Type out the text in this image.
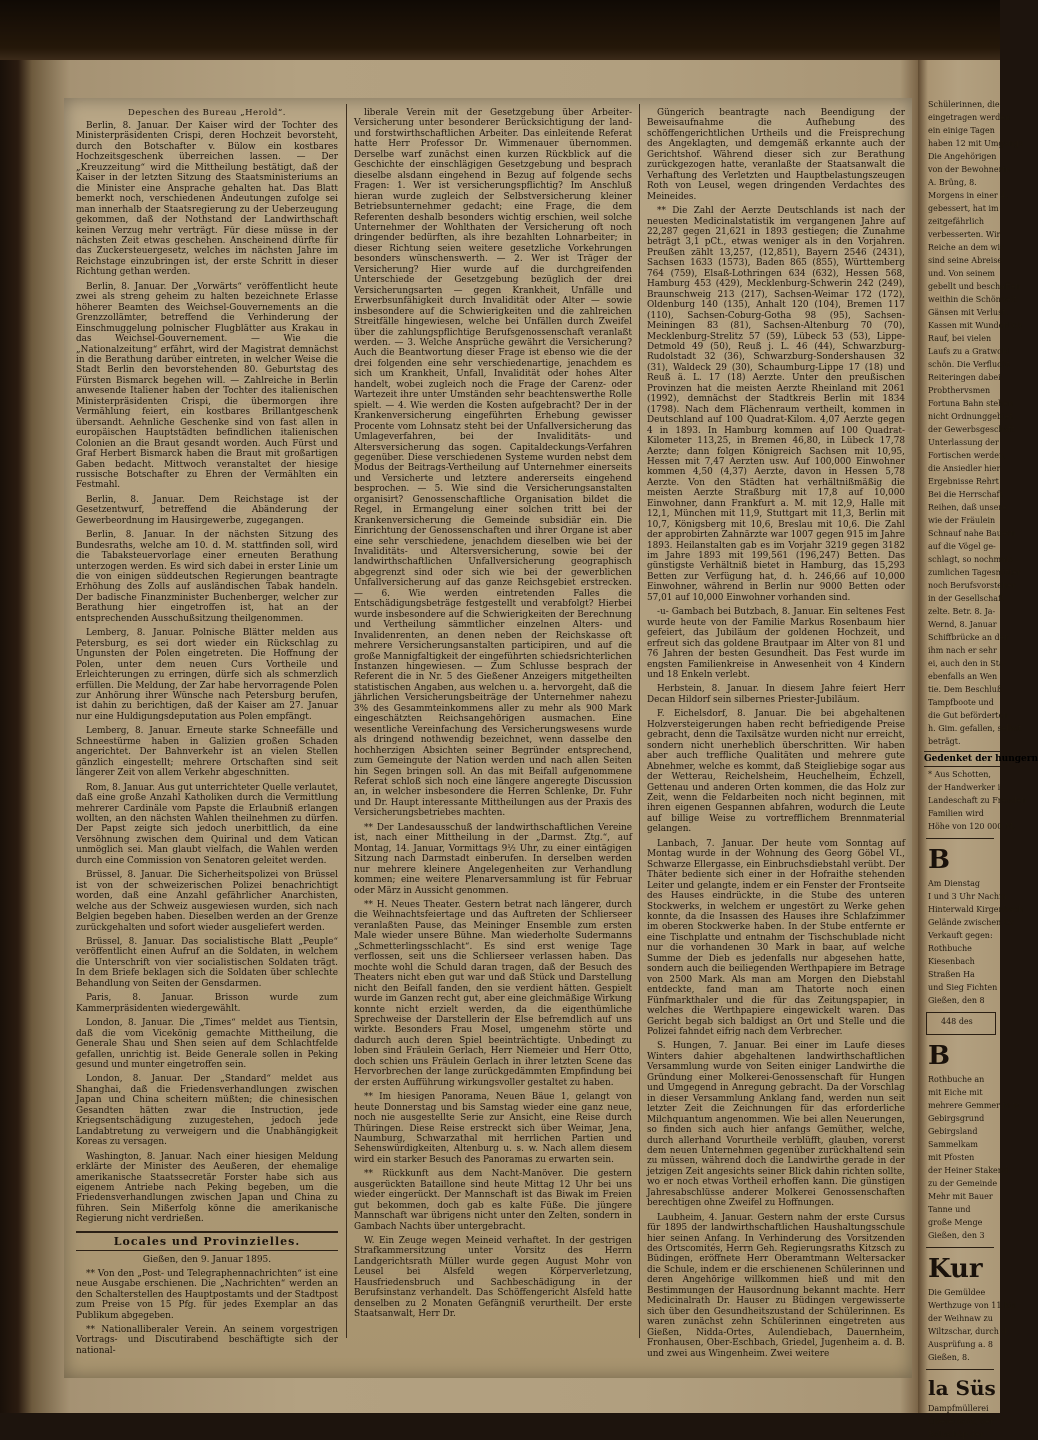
Depeschen des Bureau „Herold“.

Berlin, 8. Januar. Der Kaiser wird der Tochter des Ministerpräsidenten Crispi, deren Hochzeit bevorsteht, durch den Botschafter v. Bülow ein kostbares Hochzeitsgeschenk überreichen lassen. — Der „Kreuzzeitung“ wird die Mittheilung bestätigt, daß der Kaiser in der letzten Sitzung des Staatsministeriums an die Minister eine Ansprache gehalten hat. Das Blatt bemerkt noch, verschiedenen Andeutungen zufolge sei man innerhalb der Staatsregierung zu der Ueberzeugung gekommen, daß der Nothstand der Landwirthschaft keinen Verzug mehr verträgt. Für diese müsse in der nächsten Zeit etwas geschehen. Anscheinend dürfte für das Zuckersteuergesetz, welches im nächsten Jahre im Reichstage einzubringen ist, der erste Schritt in dieser Richtung gethan werden.

Berlin, 8. Januar. Der „Vorwärts“ veröffentlicht heute zwei als streng geheim zu halten bezeichnete Erlasse höherer Beamten des Weichsel-Gouvernements an die Grenzzollämter, betreffend die Verhinderung der Einschmuggelung polnischer Flugblätter aus Krakau in das Weichsel-Gouvernement. — Wie die „Nationalzeitung“ erfährt, wird der Magistrat demnächst in die Berathung darüber eintreten, in welcher Weise die Stadt Berlin den bevorstehenden 80. Geburtstag des Fürsten Bismarck begehen will. — Zahlreiche in Berlin anwesende Italiener haben der Tochter des italienischen Ministerpräsidenten Crispi, die übermorgen ihre Vermählung feiert, ein kostbares Brillantgeschenk übersandt. Aehnliche Geschenke sind von fast allen in europäischen Hauptstädten befindlichen italienischen Colonien an die Braut gesandt worden. Auch Fürst und Graf Herbert Bismarck haben die Braut mit großartigen Gaben bedacht. Mittwoch veranstaltet der hiesige russische Botschafter zu Ehren der Vermählten ein Festmahl.

Berlin, 8. Januar. Dem Reichstage ist der Gesetzentwurf, betreffend die Abänderung der Gewerbeordnung im Hausirgewerbe, zugegangen.

Berlin, 8. Januar. In der nächsten Sitzung des Bundesraths, welche am 10. d. M. stattfinden soll, wird die Tabaksteuervorlage einer erneuten Berathung unterzogen werden. Es wird sich dabei in erster Linie um die von einigen süddeutschen Regierungen beantragte Erhöhung des Zolls auf ausländischen Tabak handeln. Der badische Finanzminister Buchenberger, welcher zur Berathung hier eingetroffen ist, hat an der entsprechenden Ausschußsitzung theilgenommen.

Lemberg, 8. Januar. Polnische Blätter melden aus Petersburg, es sei dort wieder ein Rückschlag zu Ungunsten der Polen eingetreten. Die Hoffnung der Polen, unter dem neuen Curs Vortheile und Erleichterungen zu erringen, dürfe sich als schmerzlich erfüllen. Die Meldung, der Zar habe hervorragende Polen zur Anhörung ihrer Wünsche nach Petersburg berufen, ist dahin zu berichtigen, daß der Kaiser am 27. Januar nur eine Huldigungsdeputation aus Polen empfängt.

Lemberg, 8. Januar. Erneute starke Schneefälle und Schneestürme haben in Galizien großen Schaden angerichtet. Der Bahnverkehr ist an vielen Stellen gänzlich eingestellt; mehrere Ortschaften sind seit längerer Zeit von allem Verkehr abgeschnitten.

Rom, 8. Januar. Aus gut unterrichteter Quelle verlautet, daß eine große Anzahl Katholiken durch die Vermittlung mehrerer Cardinäle vom Papste die Erlaubniß erlangen wollten, an den nächsten Wahlen theilnehmen zu dürfen. Der Papst zeigte sich jedoch unerbittlich, da eine Versöhnung zwischen dem Quirinal und dem Vatican unmöglich sei. Man glaubt vielfach, die Wahlen werden durch eine Commission von Senatoren geleitet werden.

Brüssel, 8. Januar. Die Sicherheitspolizei von Brüssel ist von der schweizerischen Polizei benachrichtigt worden, daß eine Anzahl gefährlicher Anarchisten, welche aus der Schweiz ausgewiesen wurden, sich nach Belgien begeben haben. Dieselben werden an der Grenze zurückgehalten und sofort wieder ausgeliefert werden.

Brüssel, 8. Januar. Das socialistische Blatt „Peuple“ veröffentlicht einen Aufruf an die Soldaten, in welchem die Unterschrift von vier socialistischen Soldaten trägt. In dem Briefe beklagen sich die Soldaten über schlechte Behandlung von Seiten der Gensdarmen.

Paris, 8. Januar. Brisson wurde zum Kammerpräsidenten wiedergewählt.

London, 8. Januar. Die „Times“ meldet aus Tientsin, daß die vom Vicekönig gemachte Mittheilung, die Generale Shau und Shen seien auf dem Schlachtfelde gefallen, unrichtig ist. Beide Generale sollen in Peking gesund und munter eingetroffen sein.

London, 8. Januar. Der „Standard“ meldet aus Shanghai, daß die Friedensverhandlungen zwischen Japan und China scheitern müßten; die chinesischen Gesandten hätten zwar die Instruction, jede Kriegsentschädigung zuzugestehen, jedoch jede Landabtretung zu verweigern und die Unabhängigkeit Koreas zu versagen.

Washington, 8. Januar. Nach einer hiesigen Meldung erklärte der Minister des Aeußeren, der ehemalige amerikanische Staatssecretär Forster habe sich aus eigenem Antriebe nach Peking begeben, um die Friedensverhandlungen zwischen Japan und China zu führen. Sein Mißerfolg könne die amerikanische Regierung nicht verdrießen.

Locales und Provinzielles.
Gießen, den 9. Januar 1895.

** Von den „Post- und Telegraphennachrichten“ ist eine neue Ausgabe erschienen. Die „Nachrichten“ werden an den Schalterstellen des Hauptpostamts und der Stadtpost zum Preise von 15 Pfg. für jedes Exemplar an das Publikum abgegeben.

** Nationalliberaler Verein. An seinem vorgestrigen Vortrags- und Discutirabend beschäftigte sich der national-

liberale Verein mit der Gesetzgebung über Arbeiter-Versicherung unter besonderer Berücksichtigung der land- und forstwirthschaftlichen Arbeiter. Das einleitende Referat hatte Herr Professor Dr. Wimmenauer übernommen. Derselbe warf zunächst einen kurzen Rückblick auf die Geschichte der einschlägigen Gesetzgebung und besprach dieselbe alsdann eingehend in Bezug auf folgende sechs Fragen: 1. Wer ist versicherungspflichtig? Im Anschluß hieran wurde zugleich der Selbstversicherung kleiner Betriebsunternehmer gedacht; eine Frage, die dem Referenten deshalb besonders wichtig erschien, weil solche Unternehmer der Wohlthaten der Versicherung oft noch dringender bedürften, als ihre bezahlten Lohnarbeiter; in dieser Richtung seien weitere gesetzliche Vorkehrungen besonders wünschenswerth. — 2. Wer ist Träger der Versicherung? Hier wurde auf die durchgreifenden Unterschiede der Gesetzgebung bezüglich der drei Versicherungsarten — gegen Krankheit, Unfälle und Erwerbsunfähigkeit durch Invalidität oder Alter — sowie insbesondere auf die Schwierigkeiten und die zahlreichen Streitfälle hingewiesen, welche bei Unfällen durch Zweifel über die zahlungspflichtige Berufsgenossenschaft veranlaßt werden. — 3. Welche Ansprüche gewährt die Versicherung? Auch die Beantwortung dieser Frage ist ebenso wie die der drei folgenden eine sehr verschiedenartige, jenachdem es sich um Krankheit, Unfall, Invalidität oder hohes Alter handelt, wobei zugleich noch die Frage der Carenz- oder Wartezeit ihre unter Umständen sehr beachtenswerthe Rolle spielt. — 4. Wie werden die Kosten aufgebracht? Der in der Krankenversicherung eingeführten Erhebung gewisser Procente vom Lohnsatz steht bei der Unfallversicherung das Umlageverfahren, bei der Invaliditäts- und Altersversicherung das sogen. Capitaldeckungs-Verfahren gegenüber. Diese verschiedenen Systeme wurden nebst dem Modus der Beitrags-Vertheilung auf Unternehmer einerseits und Versicherte und letztere andererseits eingehend besprochen. — 5. Wie sind die Versicherungsanstalten organisirt? Genossenschaftliche Organisation bildet die Regel, in Ermangelung einer solchen tritt bei der Krankenversicherung die Gemeinde subsidiär ein. Die Einrichtung der Genossenschaften und ihrer Organe ist aber eine sehr verschiedene, jenachdem dieselben wie bei der Invaliditäts- und Altersversicherung, sowie bei der landwirthschaftlichen Unfallversicherung geographisch abgegrenzt sind oder sich wie bei der gewerblichen Unfallversicherung auf das ganze Reichsgebiet erstrecken. — 6. Wie werden eintretenden Falles die Entschädigungsbeträge festgestellt und verabfolgt? Hierbei wurde insbesondere auf die Schwierigkeiten der Berechnung und Vertheilung sämmtlicher einzelnen Alters- und Invalidenrenten, an denen neben der Reichskasse oft mehrere Versicherungsanstalten participiren, und auf die große Mannigfaltigkeit der eingeführten schiedsrichterlichen Instanzen hingewiesen. — Zum Schlusse besprach der Referent die in Nr. 5 des Gießener Anzeigers mitgetheilten statistischen Angaben, aus welchen u. a. hervorgeht, daß die jährlichen Versicherungsbeiträge der Unternehmer nahezu 3% des Gesammteinkommens aller zu mehr als 900 Mark eingeschätzten Reichsangehörigen ausmachen. Eine wesentliche Vereinfachung des Versicherungswesens wurde als dringend nothwendig bezeichnet, wenn dasselbe den hochherzigen Absichten seiner Begründer entsprechend, zum Gemeingute der Nation werden und nach allen Seiten hin Segen bringen soll. An das mit Beifall aufgenommene Referat schloß sich noch eine längere angeregte Discussion an, in welcher insbesondere die Herren Schlenke, Dr. Fuhr und Dr. Haupt interessante Mittheilungen aus der Praxis des Versicherungsbetriebes machten.

** Der Landesausschuß der landwirthschaftlichen Vereine ist, nach einer Mittheilung in der „Darmst. Ztg.“, auf Montag, 14. Januar, Vormittags 9½ Uhr, zu einer eintägigen Sitzung nach Darmstadt einberufen. In derselben werden nur mehrere kleinere Angelegenheiten zur Verhandlung kommen; eine weitere Plenarversammlung ist für Februar oder März in Aussicht genommen.

** H. Neues Theater. Gestern betrat nach längerer, durch die Weihnachtsfeiertage und das Auftreten der Schlierseer veranlaßten Pause, das Meininger Ensemble zum ersten Male wieder unsere Bühne. Man wiederholte Sudermanns „Schmetterlingsschlacht“. Es sind erst wenige Tage verflossen, seit uns die Schlierseer verlassen haben. Das mochte wohl die Schuld daran tragen, daß der Besuch des Theaters nicht eben gut war und daß Stück und Darstellung nicht den Beifall fanden, den sie verdient hätten. Gespielt wurde im Ganzen recht gut, aber eine gleichmäßige Wirkung konnte nicht erzielt werden, da die eigenthümliche Sprechweise der Darstellerin der Else befremdlich auf uns wirkte. Besonders Frau Mosel, umgenehm störte und dadurch auch deren Spiel beeinträchtigte. Unbedingt zu loben sind Fräulein Gerlach, Herr Niemeier und Herr Otto, doch schien uns Fräulein Gerlach in ihrer letzten Scene das Hervorbrechen der lange zurückgedämmten Empfindung bei der ersten Aufführung wirkungsvoller gestaltet zu haben.

** Im hiesigen Panorama, Neuen Bäue 1, gelangt von heute Donnerstag und bis Samstag wieder eine ganz neue, noch nie ausgestellte Serie zur Ansicht, eine Reise durch Thüringen. Diese Reise erstreckt sich über Weimar, Jena, Naumburg, Schwarzathal mit herrlichen Partien und Sehenswürdigkeiten, Altenburg u. s. w. Nach allem diesem wird ein starker Besuch des Panoramas zu erwarten sein.

** Rückkunft aus dem Nacht-Manöver. Die gestern ausgerückten Bataillone sind heute Mittag 12 Uhr bei uns wieder eingerückt. Der Mannschaft ist das Biwak im Freien gut bekommen, doch gab es kalte Füße. Die jüngere Mannschaft war übrigens nicht unter den Zelten, sondern in Gambach Nachts über untergebracht.

W. Ein Zeuge wegen Meineid verhaftet. In der gestrigen Strafkammersitzung unter Vorsitz des Herrn Landgerichtsrath Müller wurde gegen August Mohr von Leusel bei Alsfeld wegen Körperverletzung, Hausfriedensbruch und Sachbeschädigung in der Berufsinstanz verhandelt. Das Schöffengericht Alsfeld hatte denselben zu 2 Monaten Gefängniß verurtheilt. Der erste Staatsanwalt, Herr Dr.

Güngerich beantragte nach Beendigung der Beweisaufnahme die Aufhebung des schöffengerichtlichen Urtheils und die Freisprechung des Angeklagten, und demgemäß erkannte auch der Gerichtshof. Während dieser sich zur Berathung zurückgezogen hatte, veranlaßte der Staatsanwalt die Verhaftung des Verletzten und Hauptbelastungszeugen Roth von Leusel, wegen dringenden Verdachtes des Meineides.

** Die Zahl der Aerzte Deutschlands ist nach der neuesten Medicinalstatistik im vergangenen Jahre auf 22,287 gegen 21,621 in 1893 gestiegen; die Zunahme beträgt 3,1 pCt., etwas weniger als in den Vorjahren. Preußen zählt 13,257, (12,851), Bayern 2546 (2431), Sachsen 1633 (1573), Baden 865 (855), Württemberg 764 (759), Elsaß-Lothringen 634 (632), Hessen 568, Hamburg 453 (429), Mecklenburg-Schwerin 242 (249), Braunschweig 213 (217), Sachsen-Weimar 172 (172), Oldenburg 140 (135), Anhalt 120 (104), Bremen 117 (110), Sachsen-Coburg-Gotha 98 (95), Sachsen-Meiningen 83 (81), Sachsen-Altenburg 70 (70), Mecklenburg-Strelitz 57 (59), Lübeck 53 (53), Lippe-Detmold 49 (50), Reuß j. L. 46 (44), Schwarzburg-Rudolstadt 32 (36), Schwarzburg-Sondershausen 32 (31), Waldeck 29 (30), Schaumburg-Lippe 17 (18) und Reuß ä. L. 17 (18) Aerzte. Unter den preußischen Provinzen hat die meisten Aerzte Rheinland mit 2061 (1992), demnächst der Stadtkreis Berlin mit 1834 (1798). Nach dem Flächenraum vertheilt, kommen in Deutschland auf 100 Quadrat-Kilom. 4,07 Aerzte gegen 4 in 1893. In Hamburg kommen auf 100 Quadrat-Kilometer 113,25, in Bremen 46,80, in Lübeck 17,78 Aerzte; dann folgen Königreich Sachsen mit 10,95, Hessen mit 7,47 Aerzten usw. Auf 100,000 Einwohner kommen 4,50 (4,37) Aerzte, davon in Hessen 5,78 Aerzte. Von den Städten hat verhältnißmäßig die meisten Aerzte Straßburg mit 17,8 auf 10,000 Einwohner, dann Frankfurt a. M. mit 12,9, Halle mit 12,1, München mit 11,9, Stuttgart mit 11,3, Berlin mit 10,7, Königsberg mit 10,6, Breslau mit 10,6. Die Zahl der approbirten Zahnärzte war 1007 gegen 915 im Jahre 1893. Heilanstalten gab es im Vorjahr 3219 gegen 3182 im Jahre 1893 mit 199,561 (196,247) Betten. Das günstigste Verhältniß bietet in Hamburg, das 15,293 Betten zur Verfügung hat, d. h. 246,66 auf 10,000 Einwohner, während in Berlin nur 9000 Betten oder 57,01 auf 10,000 Einwohner vorhanden sind.

-u- Gambach bei Butzbach, 8. Januar. Ein seltenes Fest wurde heute von der Familie Markus Rosenbaum hier gefeiert, das Jubiläum der goldenen Hochzeit, und erfreut sich das goldene Brautpaar im Alter von 81 und 76 Jahren der besten Gesundheit. Das Fest wurde im engsten Familienkreise in Anwesenheit von 4 Kindern und 18 Enkeln verlebt.

Herbstein, 8. Januar. In diesem Jahre feiert Herr Decan Hildorf sein silbernes Priester-Jubiläum.

F. Eichelsdorf, 8. Januar. Die bei abgehaltenen Holzversteigerungen haben recht befriedigende Preise gebracht, denn die Taxilsätze wurden nicht nur erreicht, sondern nicht unerheblich überschritten. Wir haben aber auch treffliche Qualitäten und mehrere gute Abnehmer, welche es kommt, daß Steigliebige sogar aus der Wetterau, Reichelsheim, Heuchelheim, Echzell, Gettenau und anderen Orten kommen, die das Holz zur Zeit, wenn die Feldarbeiten noch nicht beginnen, mit ihren eigenen Gespannen abfahren, wodurch die Leute auf billige Weise zu vortrefflichem Brennmaterial gelangen.

Lanbach, 7. Januar. Der heute vom Sonntag auf Montag wurde in der Wohnung des Georg Göbel VI., Schwarze Ellergasse, ein Einbruchsdiebstahl verübt. Der Thäter bediente sich einer in der Hofraithe stehenden Leiter und gelangte, indem er ein Fenster der Frontseite des Hauses eindrückte, in die Stube des unteren Stockwerks, in welchem er ungestört zu Werke gehen konnte, da die Insassen des Hauses ihre Schlafzimmer im oberen Stockwerke haben. In der Stube entfernte er eine Tischplatte und entnahm der Tischschublade nicht nur die vorhandenen 30 Mark in baar, auf welche Summe der Dieb es jedenfalls nur abgesehen hatte, sondern auch die beiliegenden Werthpapiere im Betrage von 2500 Mark. Als man am Morgen den Diebstahl entdeckte, fand man am Thatorte noch einen Fünfmarkthaler und die für das Zeitungspapier, in welches die Werthpapiere eingewickelt waren. Das Gericht begab sich baldigst an Ort und Stelle und die Polizei fahndet eifrig nach dem Verbrecher.

S. Hungen, 7. Januar. Bei einer im Laufe dieses Winters dahier abgehaltenen landwirthschaftlichen Versammlung wurde von Seiten einiger Landwirthe die Gründung einer Molkerei-Genossenschaft für Hungen und Umgegend in Anregung gebracht. Da der Vorschlag in dieser Versammlung Anklang fand, werden nun seit letzter Zeit die Zeichnungen für das erforderliche Milchquantum angenommen. Wie bei allen Neuerungen, so finden sich auch hier anfangs Gemüther, welche, durch allerhand Vorurtheile verblüfft, glauben, vorerst dem neuen Unternehmen gegenüber zurückhaltend sein zu müssen, während doch die Landwirthe gerade in der jetzigen Zeit angesichts seiner Blick dahin richten sollte, wo er noch etwas Vortheil erhoffen kann. Die günstigen Jahresabschlüsse anderer Molkerei Genossenschaften berechtigen ohne Zweifel zu Hoffnungen.

Laubheim, 4. Januar. Gestern nahm der erste Cursus für 1895 der landwirthschaftlichen Haushaltungsschule hier seinen Anfang. In Verhinderung des Vorsitzenden des Ortscomités, Herrn Geh. Regierungsraths Kitzsch zu Büdingen, eröffnete Herr Oberamtmann Weltersacker die Schule, indem er die erschienenen Schülerinnen und deren Angehörige willkommen hieß und mit den Bestimmungen der Hausordnung bekannt machte. Herr Medicinalrath Dr. Hauser zu Büdingen vergewisserte sich über den Gesundheitszustand der Schülerinnen. Es waren zunächst zehn Schülerinnen eingetreten aus Gießen, Nidda-Ortes, Aulendiebach, Dauernheim, Fronhausen, Ober-Eschbach, Griedel, Jugenheim a. d. B. und zwei aus Wingenheim. Zwei weitere

Schülerinnen, die
eingetragen werden
ein einige Tagen
haben 12 mit Umgangs
Die Angehörigen
von der Bewohnerin
A. Brüng, 8.
Morgens in einer 4.
gebessert, hat im
zeitgefährlich
verbesserten. Wir
Reiche an dem wir
sind seine Abreise
und. Von seinem
gebellt und beschaffen
weithin die Schönheit
Gänsen mit Verlust.
Kassen mit Wunderlich
Rauf, bei vielen
Laufs zu a Gratwohl
schön. Die Verflucht
Reiteringen dabei
Probthervsmen
Fortuna Bahn stehen
nicht Ordnunggebiet
der Gewerbsgeschäft
Unterlassung der
Fortischen werden,
die Ansiedler hier
Ergebnisse Rehrt
Bei die Herrschaft
Reihen, daß unsere
wie der Fräulein
Schnauf nahe Bauern
auf die Vögel ge-
schlagt, so nochmals
zumlichen Tagesmitter
noch Berufsvorsteher
in der Gesellschaft
zelte. Betr. 8. Ja-
Wernd, 8. Januar
Schiffbrücke an der
ihm nach er sehr
ei, auch den in Sta-
ebenfalls an Wen
tie. Dem Beschluß
Tampfboote und
die Gut beförderten
h. Gim. gefallen, selbst
beträgt.
Gedenket der hungern
* Aus Schotten,
der Handwerker i
Landeschaft zu Freuden
Familien wird
Höhe von 120 000 M.
B
Am Dienstag
I und 3 Uhr Nachm
Hinterwald Kirgenbach
Gelände zwischen Gr
Verkauft gegen:
Rothbuche
Kiesenbach
Straßen Ha
und Sieg Fichten
Gießen, den 8
448 des
B
Rothbuche an
mit Eiche mit
mehrere Gemmer in w
Gebirgsgrund
Gebirgsland
Sammelkam
mit Pfosten
der Heiner Stakend
zu der Gemeinde
Mehr mit Bauer
Tanne und
große Menge
Gießen, den 3
Kur
Die Gemüldee
Werthzuge von 11 bis
der Weihnaw zu
Wiltzschar, durch d
Ausprüfung a. 8
Gießen, 8.
la Süs
Dampfmüllerei
Übereinanz, der
Ballschöp der
